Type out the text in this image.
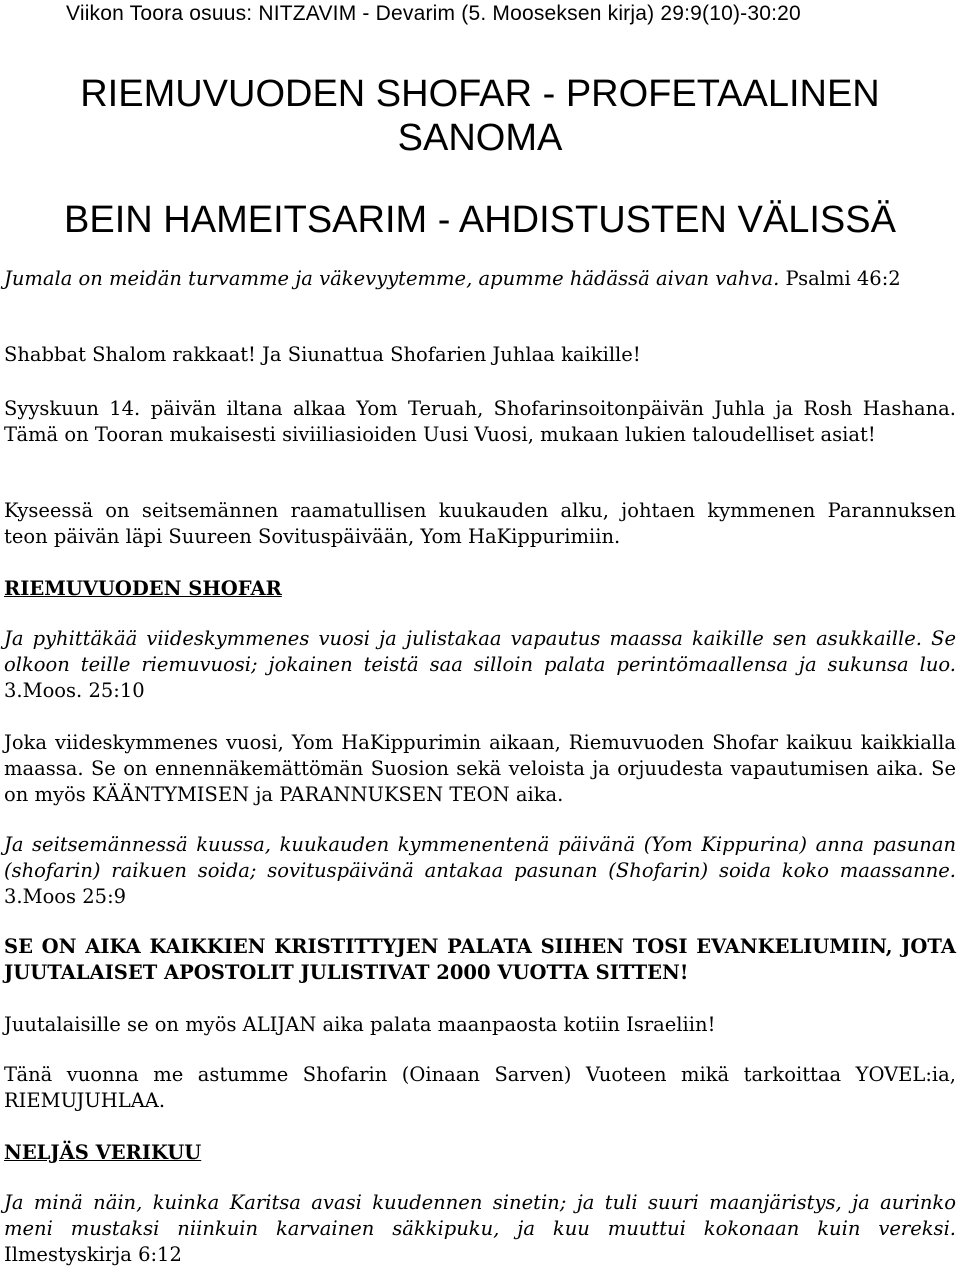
Viikon Toora osuus: NITZAVIM - Devarim (5. Mooseksen kirja) 29:9(10)-30:20
RIEMUVUODEN SHOFAR - PROFETAALINEN SANOMA
BEIN HAMEITSARIM - AHDISTUSTEN VÄLISSÄ
Jumala on meidän turvamme ja väkevyytemme, apumme hädässä aivan vahva. Psalmi 46:2
Shabbat Shalom rakkaat! Ja Siunattua Shofarien Juhlaa kaikille!
Syyskuun 14. päivän iltana alkaa Yom Teruah, Shofarinsoitonpäivän Juhla ja Rosh Hashana. Tämä on Tooran mukaisesti siviiliasioiden Uusi Vuosi, mukaan lukien taloudelliset asiat!
Kyseessä on seitsemännen raamatullisen kuukauden alku, johtaen kymmenen Parannuksen teon päivän läpi Suureen Sovituspäivään, Yom HaKippurimiin.
RIEMUVUODEN SHOFAR
Ja pyhittäkää viideskymmenes vuosi ja julistakaa vapautus maassa kaikille sen asukkaille. Se olkoon teille riemuvuosi; jokainen teistä saa silloin palata perintömaallensa ja sukunsa luo. 3.Moos. 25:10
Joka viideskymmenes vuosi, Yom HaKippurimin aikaan, Riemuvuoden Shofar kaikuu kaikkialla maassa. Se on ennennäkemättömän Suosion sekä veloista ja orjuudesta vapautumisen aika. Se on myös KÄÄNTYMISEN ja PARANNUKSEN TEON aika.
Ja seitsemännessä kuussa, kuukauden kymmenentenä päivänä (Yom Kippurina) anna pasunan (shofarin) raikuen soida; sovituspäivänä antakaa pasunan (Shofarin) soida koko maassanne. 3.Moos 25:9
SE ON AIKA KAIKKIEN KRISTITTYJEN PALATA SIIHEN TOSI EVANKELIUMIIN, JOTA JUUTALAISET APOSTOLIT JULISTIVAT 2000 VUOTTA SITTEN!
Juutalaisille se on myös ALIJAN aika palata maanpaosta kotiin Israeliin!
Tänä vuonna me astumme Shofarin (Oinaan Sarven) Vuoteen mikä tarkoittaa YOVEL:ia, RIEMUJUHLAA.
NELJÄS VERIKUU
Ja minä näin, kuinka Karitsa avasi kuudennen sinetin; ja tuli suuri maanjäristys, ja aurinko meni mustaksi niinkuin karvainen säkkipuku, ja kuu muuttui kokonaan kuin vereksi. Ilmestyskirja 6:12
